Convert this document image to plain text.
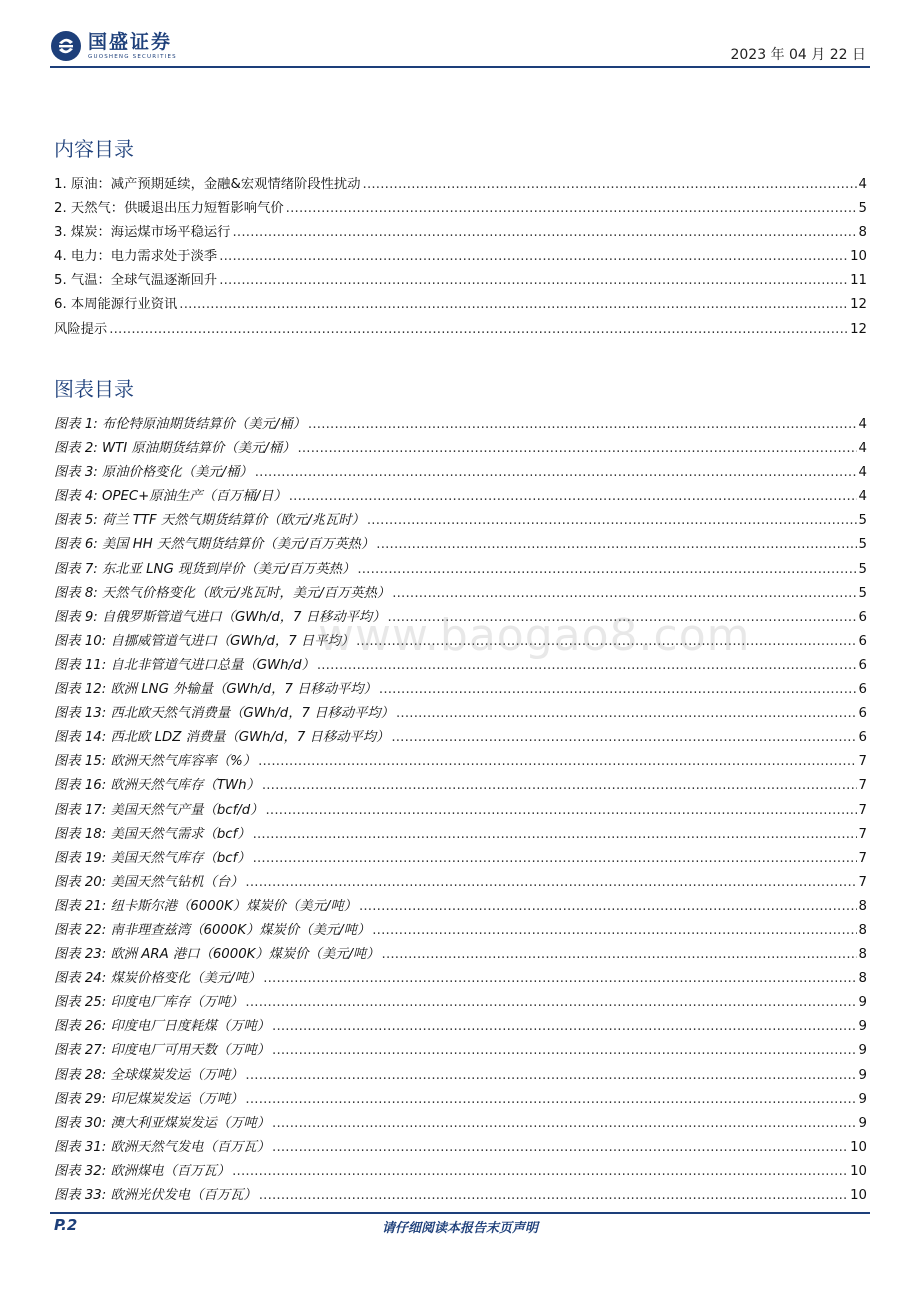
国盛证券
GUOSHENG SECURITIES	2023 年 04 月 22 日
内容目录
1. 原油：减产预期延续，金融&宏观情绪阶段性扰动 .....	4
2. 天然气：供暖退出压力短暂影响气价 .....	5
3. 煤炭：海运煤市场平稳运行 .....	8
4. 电力：电力需求处于淡季 .....	10
5. 气温：全球气温逐渐回升 .....	11
6. 本周能源行业资讯 .....	12
风险提示 .....	12
图表目录
图表 1: 布伦特原油期货结算价（美元/桶） .....	4
图表 2: WTI 原油期货结算价（美元/桶） .....	4
图表 3: 原油价格变化（美元/桶） .....	4
图表 4: OPEC+原油生产（百万桶/日） .....	4
图表 5: 荷兰 TTF 天然气期货结算价（欧元/兆瓦时） .....	5
图表 6: 美国 HH 天然气期货结算价（美元/百万英热） .....	5
图表 7: 东北亚 LNG 现货到岸价（美元/百万英热） .....	5
图表 8: 天然气价格变化（欧元/兆瓦时，美元/百万英热） .....	5
图表 9: 自俄罗斯管道气进口（GWh/d，7 日移动平均） .....	6
图表 10: 自挪威管道气进口（GWh/d，7 日平均） .....	6
图表 11: 自北非管道气进口总量（GWh/d） .....	6
图表 12: 欧洲 LNG 外输量（GWh/d，7 日移动平均） .....	6
图表 13: 西北欧天然气消费量（GWh/d，7 日移动平均） .....	6
图表 14: 西北欧 LDZ 消费量（GWh/d，7 日移动平均） .....	6
图表 15: 欧洲天然气库容率（%） .....	7
图表 16: 欧洲天然气库存（TWh） .....	7
图表 17: 美国天然气产量（bcf/d） .....	7
图表 18: 美国天然气需求（bcf） .....	7
图表 19: 美国天然气库存（bcf） .....	7
图表 20: 美国天然气钻机（台） .....	7
图表 21: 纽卡斯尔港（6000K）煤炭价（美元/吨） .....	8
图表 22: 南非理查兹湾（6000K）煤炭价（美元/吨） .....	8
图表 23: 欧洲 ARA 港口（6000K）煤炭价（美元/吨） .....	8
图表 24: 煤炭价格变化（美元/吨） .....	8
图表 25: 印度电厂库存（万吨） .....	9
图表 26: 印度电厂日度耗煤（万吨） .....	9
图表 27: 印度电厂可用天数（万吨） .....	9
图表 28: 全球煤炭发运（万吨） .....	9
图表 29: 印尼煤炭发运（万吨） .....	9
图表 30: 澳大利亚煤炭发运（万吨） .....	9
图表 31: 欧洲天然气发电（百万瓦） .....	10
图表 32: 欧洲煤电（百万瓦） .....	10
图表 33: 欧洲光伏发电（百万瓦） .....	10
www.baogao8.com
P.2	请仔细阅读本报告末页声明
